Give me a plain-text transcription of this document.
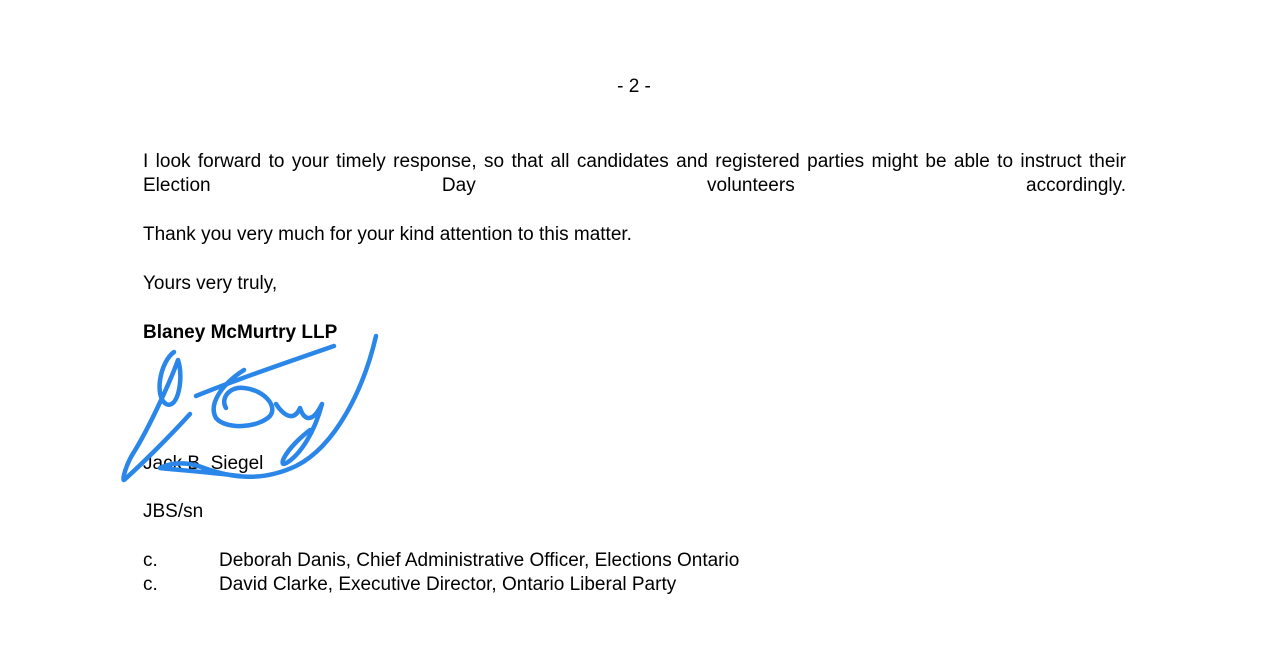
- 2 -

I look forward to your timely response, so that all candidates and registered parties might be able to instruct their Election Day volunteers accordingly.

Thank you very much for your kind attention to this matter.

Yours very truly,

Blaney McMurtry LLP

Jack B. Siegel

JBS/sn

c.	Deborah Danis, Chief Administrative Officer, Elections Ontario
c.	David Clarke, Executive Director, Ontario Liberal Party
